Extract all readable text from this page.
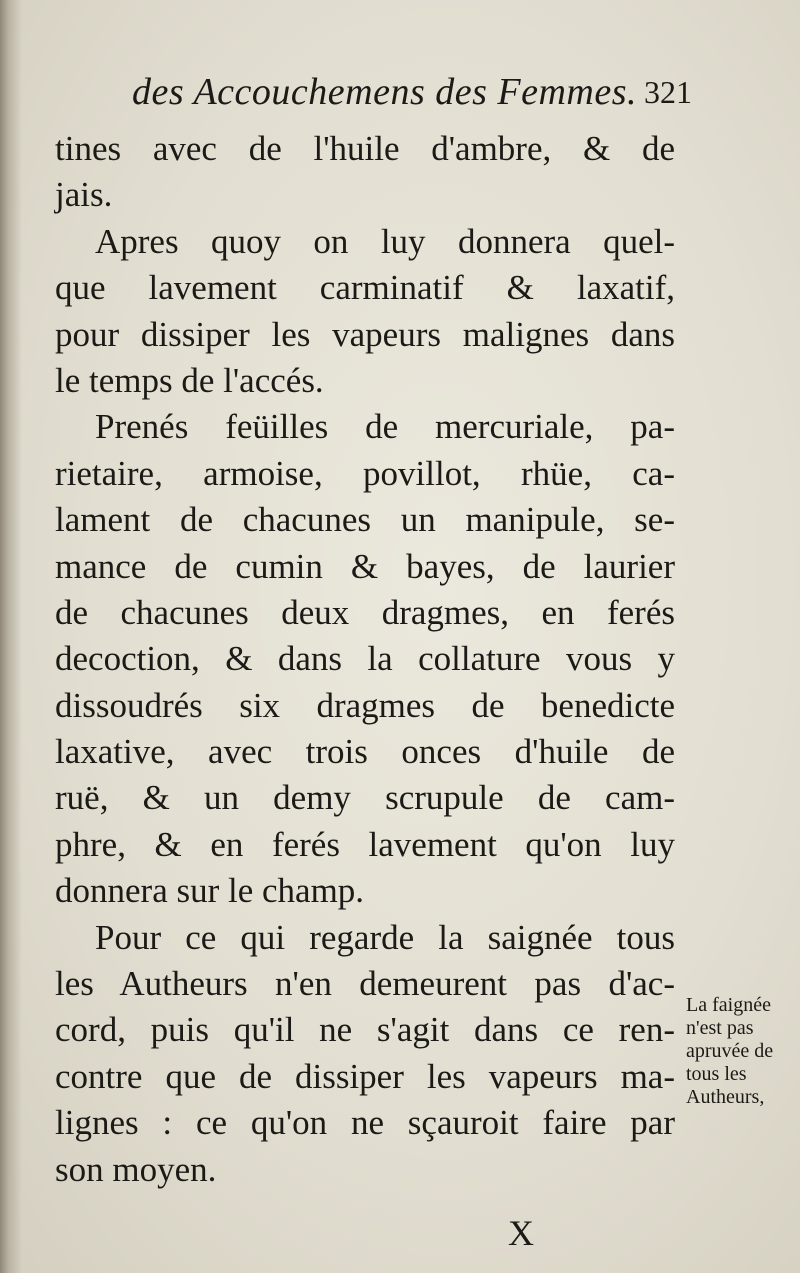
des Accouchemens des Femmes. 321
tines avec de l'huile d'ambre, & de
jais.
Apres quoy on luy donnera quel-
que lavement carminatif & laxatif,
pour dissiper les vapeurs malignes dans
le temps de l'accés.
Prenés feüilles de mercuriale, pa-
rietaire, armoise, povillot, rhüe, ca-
lament de chacunes un manipule, se-
mance de cumin & bayes, de laurier
de chacunes deux dragmes, en ferés
decoction, & dans la collature vous y
dissoudrés six dragmes de benedicte
laxative, avec trois onces d'huile de
ruë, & un demy scrupule de cam-
phre, & en ferés lavement qu'on luy
donnera sur le champ.
Pour ce qui regarde la saignée tous
les Autheurs n'en demeurent pas d'ac-
cord, puis qu'il ne s'agit dans ce ren-
contre que de dissiper les vapeurs ma-
lignes : ce qu'on ne sçauroit faire par
son moyen.
La faignée
n'est pas
apruvée de
tous les
Autheurs,
X
